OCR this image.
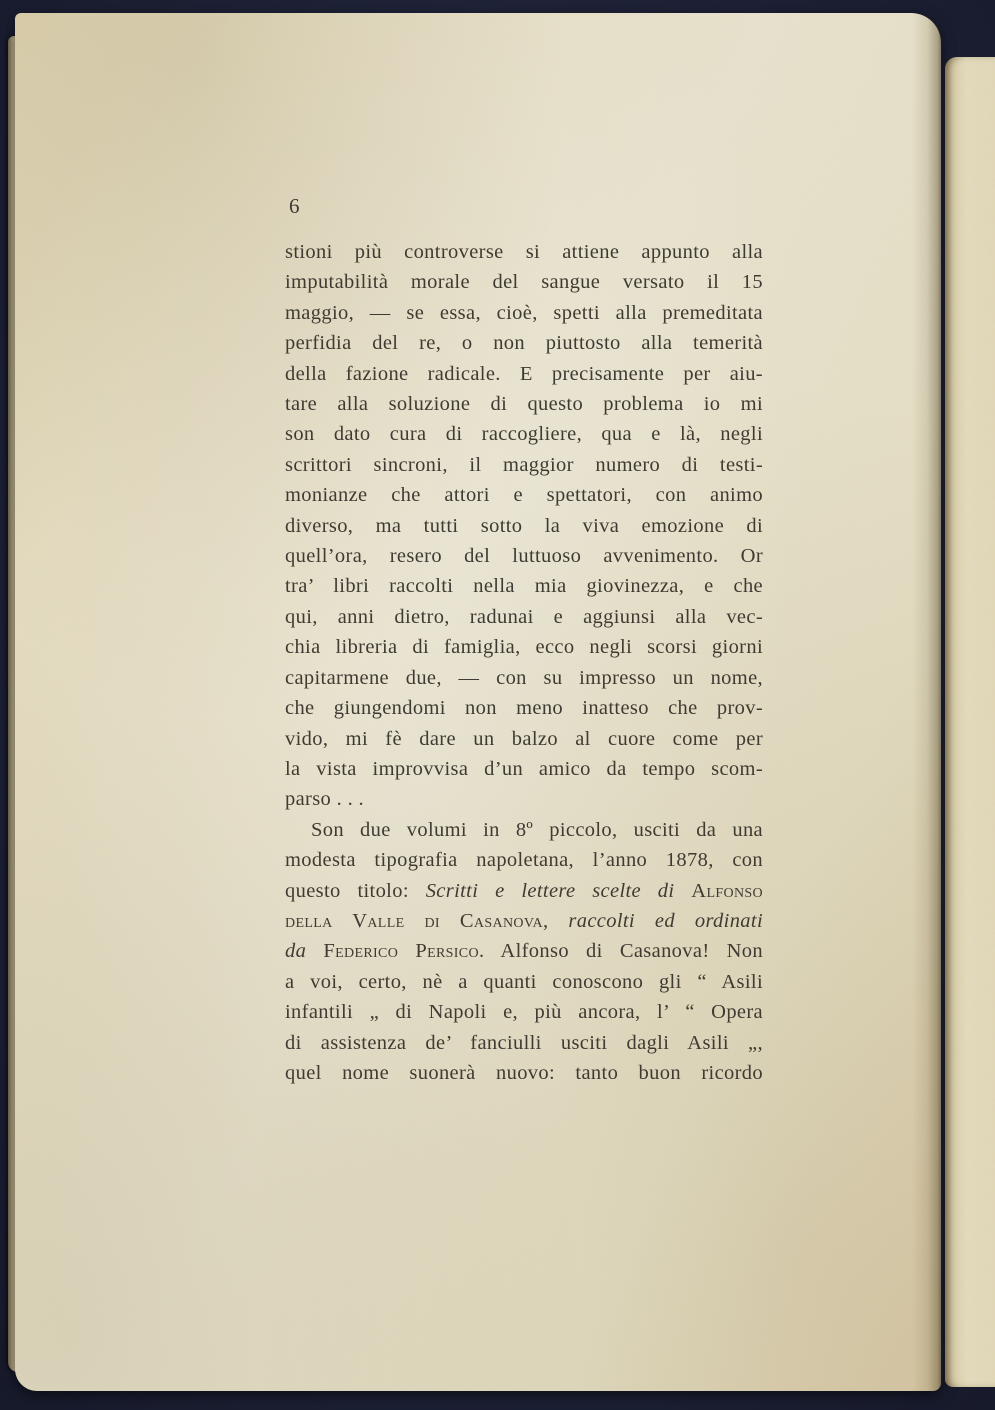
6
stioni più controverse si attiene appunto alla
imputabilità morale del sangue versato il 15
maggio, — se essa, cioè, spetti alla premeditata
perfidia del re, o non piuttosto alla temerità
della fazione radicale. E precisamente per aiu-
tare alla soluzione di questo problema io mi
son dato cura di raccogliere, qua e là, negli
scrittori sincroni, il maggior numero di testi-
monianze che attori e spettatori, con animo
diverso, ma tutti sotto la viva emozione di
quell’ora, resero del luttuoso avvenimento. Or
tra’ libri raccolti nella mia giovinezza, e che
qui, anni dietro, radunai e aggiunsi alla vec-
chia libreria di famiglia, ecco negli scorsi giorni
capitarmene due, — con su impresso un nome,
che giungendomi non meno inatteso che prov-
vido, mi fè dare un balzo al cuore come per
la vista improvvisa d’un amico da tempo scom-
parso . . .
Son due volumi in 8º piccolo, usciti da una
modesta tipografia napoletana, l’anno 1878, con
questo titolo: Scritti e lettere scelte di Alfonso
della Valle di Casanova, raccolti ed ordinati
da Federico Persico. Alfonso di Casanova! Non
a voi, certo, nè a quanti conoscono gli “ Asili
infantili „ di Napoli e, più ancora, l’ “ Opera
di assistenza de’ fanciulli usciti dagli Asili „,
quel nome suonerà nuovo: tanto buon ricordo
